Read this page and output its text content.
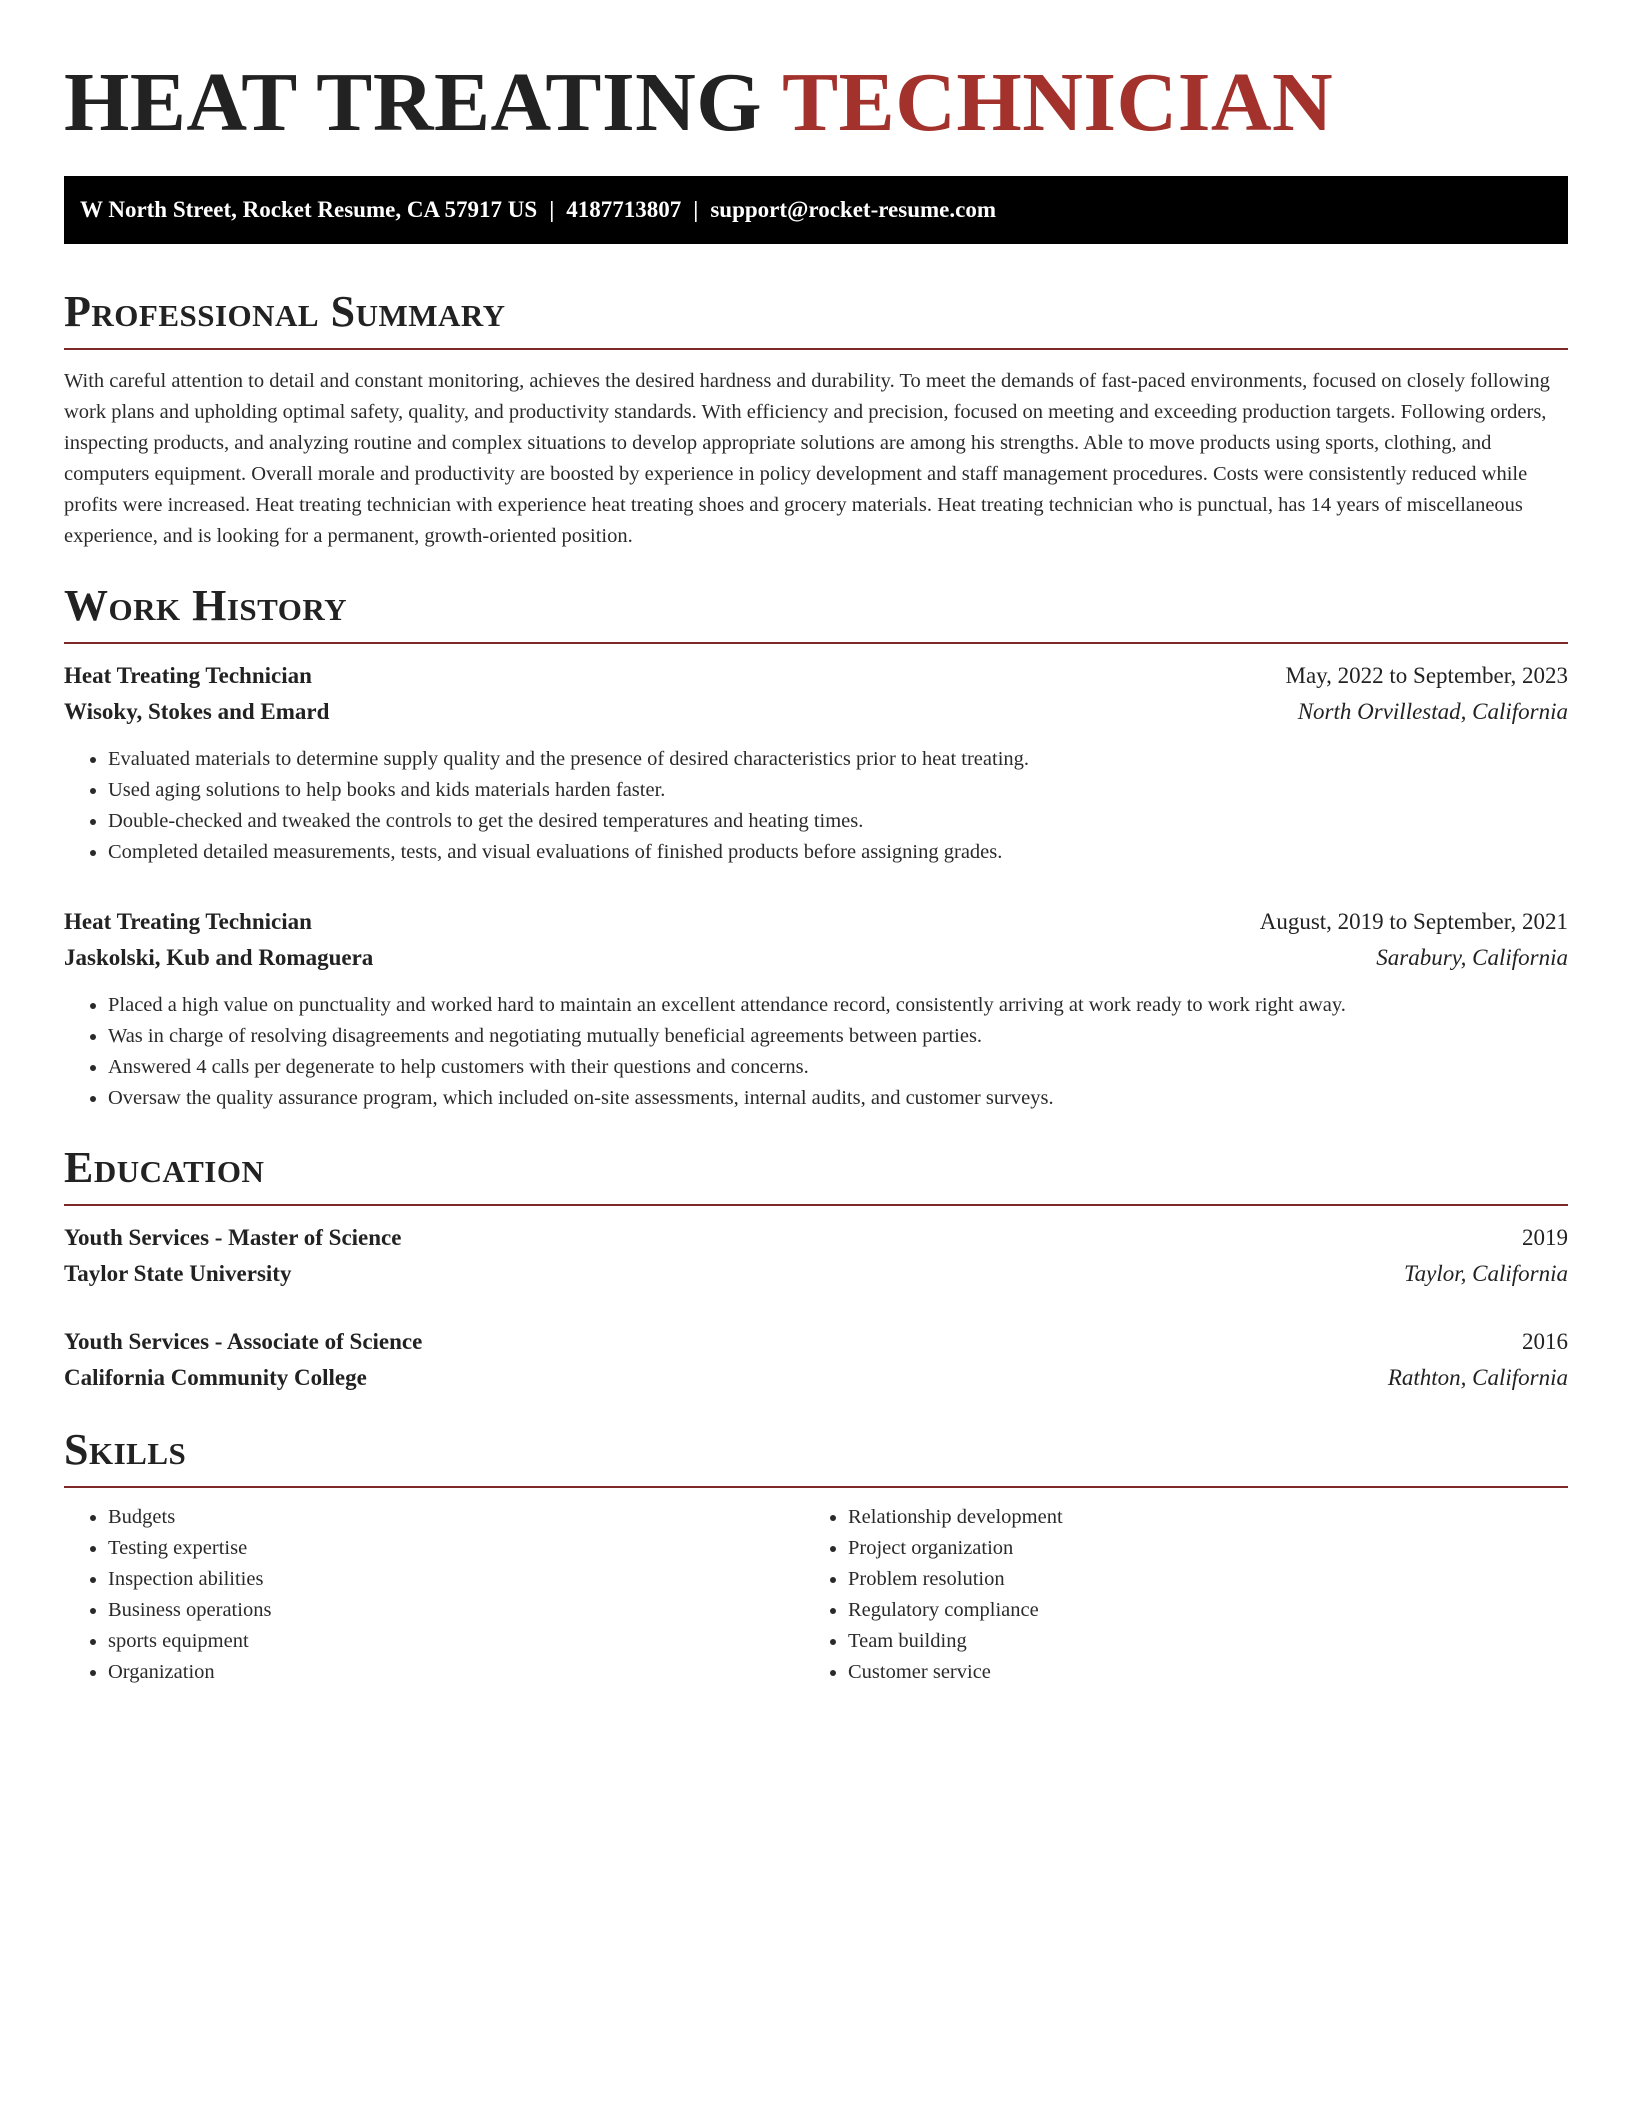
HEAT TREATING TECHNICIAN
W North Street, Rocket Resume, CA 57917 US | 4187713807 | support@rocket-resume.com
Professional Summary

With careful attention to detail and constant monitoring, achieves the desired hardness and durability. To meet the demands of fast-paced environments, focused on closely following work plans and upholding optimal safety, quality, and productivity standards. With efficiency and precision, focused on meeting and exceeding production targets. Following orders, inspecting products, and analyzing routine and complex situations to develop appropriate solutions are among his strengths. Able to move products using sports, clothing, and computers equipment. Overall morale and productivity are boosted by experience in policy development and staff management procedures. Costs were consistently reduced while profits were increased. Heat treating technician with experience heat treating shoes and grocery materials. Heat treating technician who is punctual, has 14 years of miscellaneous experience, and is looking for a permanent, growth-oriented position.

Work History
Heat Treating Technician	May, 2022 to September, 2023
Wisoky, Stokes and Emard	North Orvillestad, California
• Evaluated materials to determine supply quality and the presence of desired characteristics prior to heat treating.
• Used aging solutions to help books and kids materials harden faster.
• Double-checked and tweaked the controls to get the desired temperatures and heating times.
• Completed detailed measurements, tests, and visual evaluations of finished products before assigning grades.
Heat Treating Technician	August, 2019 to September, 2021
Jaskolski, Kub and Romaguera	Sarabury, California
• Placed a high value on punctuality and worked hard to maintain an excellent attendance record, consistently arriving at work ready to work right away.
• Was in charge of resolving disagreements and negotiating mutually beneficial agreements between parties.
• Answered 4 calls per degenerate to help customers with their questions and concerns.
• Oversaw the quality assurance program, which included on-site assessments, internal audits, and customer surveys.
Education
Youth Services - Master of Science	2019
Taylor State University	Taylor, California
Youth Services - Associate of Science	2016
California Community College	Rathton, California
Skills
• Budgets
• Testing expertise
• Inspection abilities
• Business operations
• sports equipment
• Organization
• Relationship development
• Project organization
• Problem resolution
• Regulatory compliance
• Team building
• Customer service
